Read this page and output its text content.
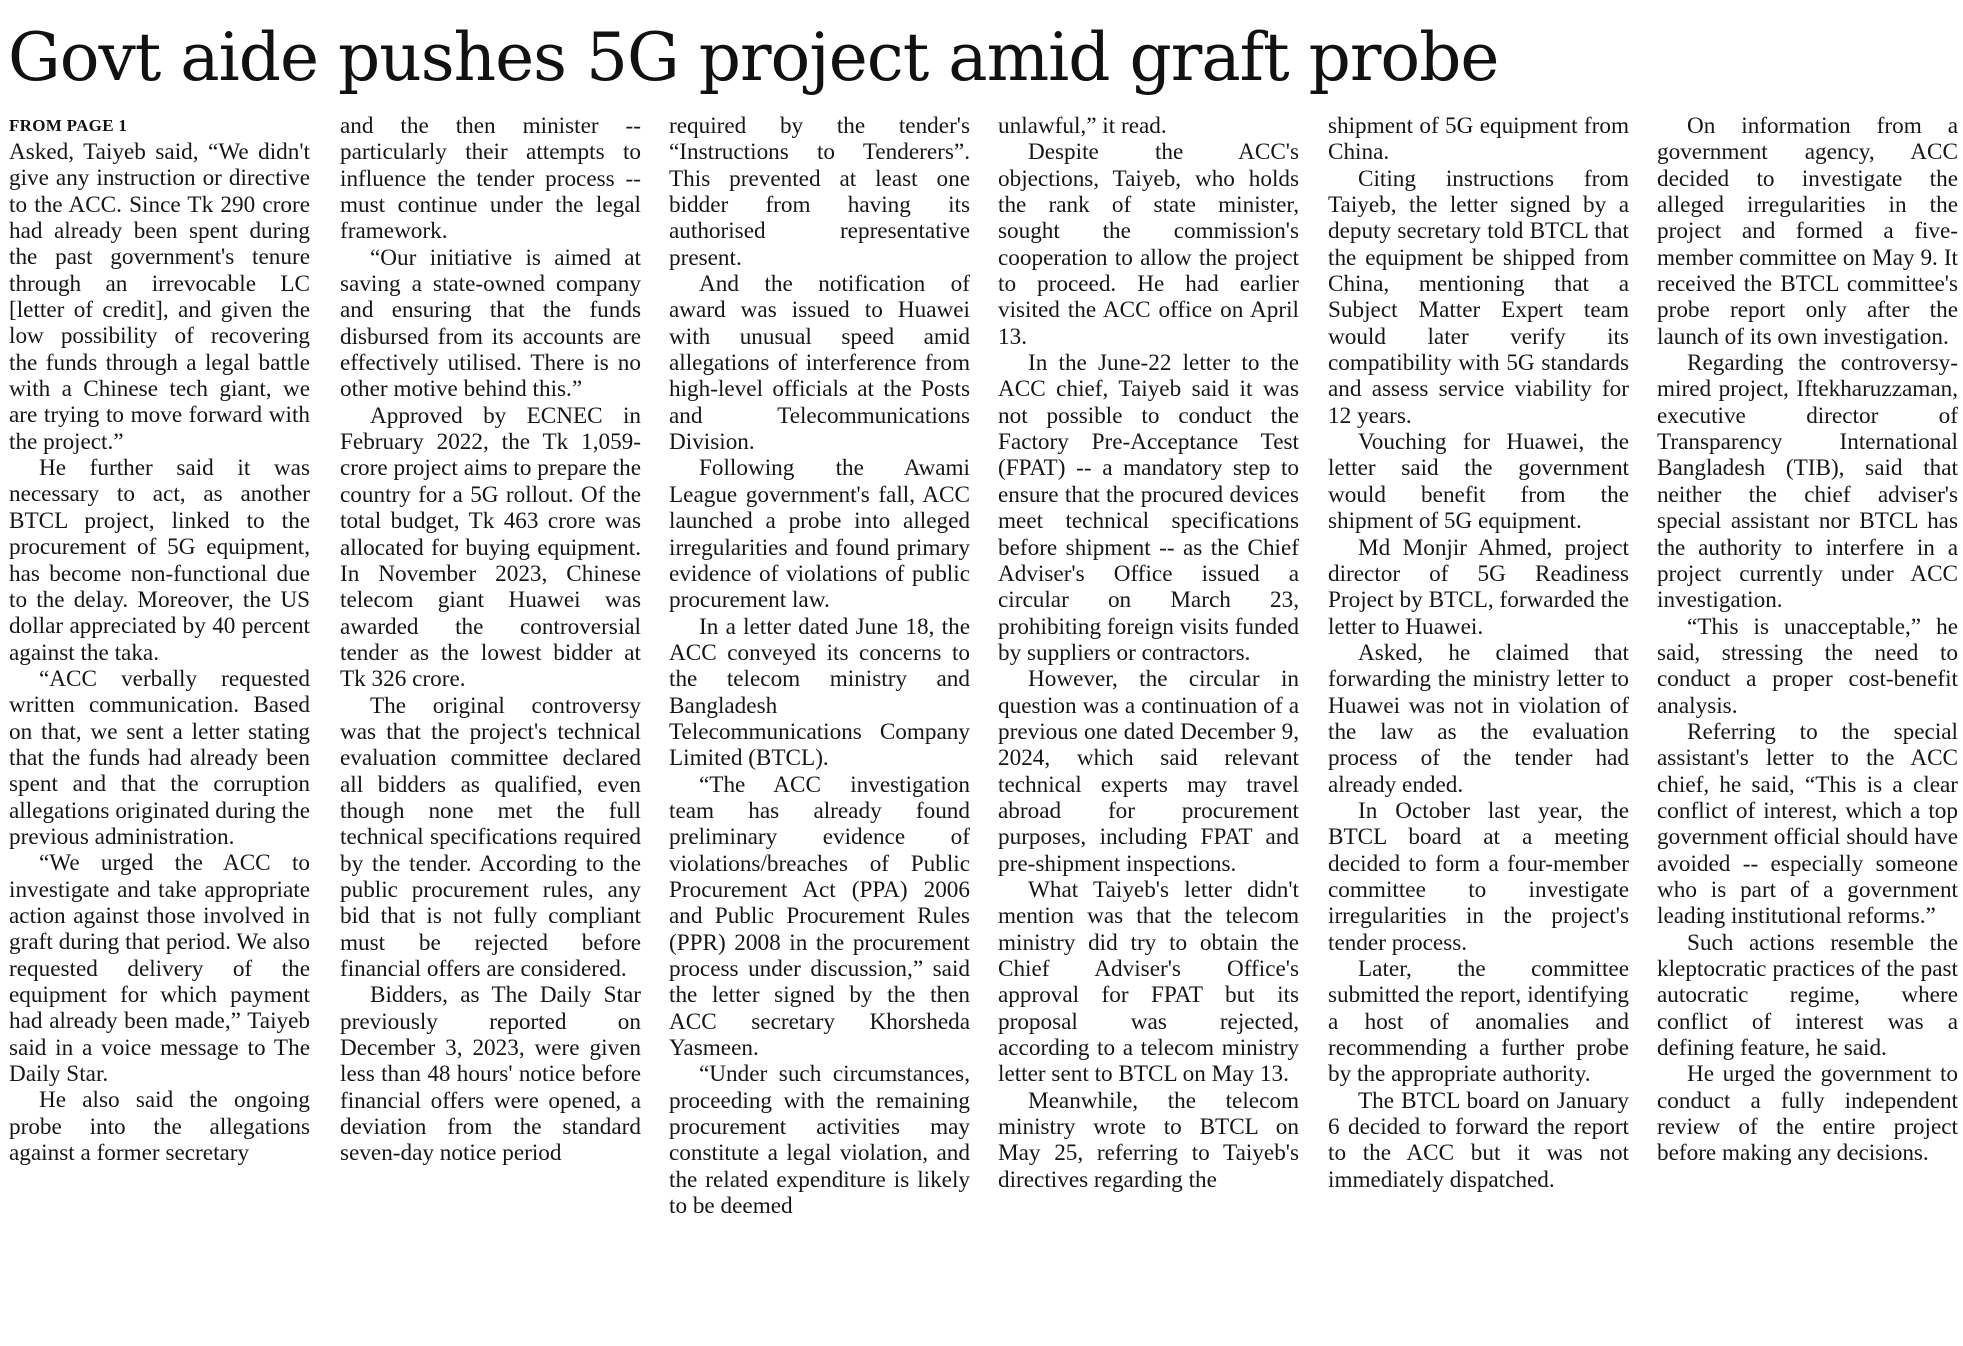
Govt aide pushes 5G project amid graft probe
FROM PAGE 1

Asked, Taiyeb said, “We didn't give any instruction or directive to the ACC. Since Tk 290 crore had already been spent during the past government's tenure through an irrevocable LC [letter of credit], and given the low possibility of recovering the funds through a legal battle with a Chinese tech giant, we are trying to move forward with the project.”

He further said it was necessary to act, as another BTCL project, linked to the procurement of 5G equipment, has become non-functional due to the delay. Moreover, the US dollar appreciated by 40 percent against the taka.

“ACC verbally requested written communication. Based on that, we sent a letter stating that the funds had already been spent and that the corruption allegations originated during the previous administration.

“We urged the ACC to investigate and take appropriate action against those involved in graft during that period. We also requested delivery of the equipment for which payment had already been made,” Taiyeb said in a voice message to The Daily Star.

He also said the ongoing probe into the allegations against a former secretary

and the then minister -- particularly their attempts to influence the tender process -- must continue under the legal framework.

“Our initiative is aimed at saving a state-owned company and ensuring that the funds disbursed from its accounts are effectively utilised. There is no other motive behind this.”

Approved by ECNEC in February 2022, the Tk 1,059-crore project aims to prepare the country for a 5G rollout. Of the total budget, Tk 463 crore was allocated for buying equipment. In November 2023, Chinese telecom giant Huawei was awarded the controversial tender as the lowest bidder at Tk 326 crore.

The original controversy was that the project's technical evaluation committee declared all bidders as qualified, even though none met the full technical specifications required by the tender. According to the public procurement rules, any bid that is not fully compliant must be rejected before financial offers are considered.

Bidders, as The Daily Star previously reported on December 3, 2023, were given less than 48 hours' notice before financial offers were opened, a deviation from the standard seven-day notice period

required by the tender's “Instructions to Tenderers”. This prevented at least one bidder from having its authorised representative present.

And the notification of award was issued to Huawei with unusual speed amid allegations of interference from high-level officials at the Posts and Telecommunications Division.

Following the Awami League government's fall, ACC launched a probe into alleged irregularities and found primary evidence of violations of public procurement law.

In a letter dated June 18, the ACC conveyed its concerns to the telecom ministry and Bangladesh Telecommunications Company Limited (BTCL).

“The ACC investigation team has already found preliminary evidence of violations/breaches of Public Procurement Act (PPA) 2006 and Public Procurement Rules (PPR) 2008 in the procurement process under discussion,” said the letter signed by the then ACC secretary Khorsheda Yasmeen.

“Under such circumstances, proceeding with the remaining procurement activities may constitute a legal violation, and the related expenditure is likely to be deemed

unlawful,” it read.

Despite the ACC's objections, Taiyeb, who holds the rank of state minister, sought the commission's cooperation to allow the project to proceed. He had earlier visited the ACC office on April 13.

In the June-22 letter to the ACC chief, Taiyeb said it was not possible to conduct the Factory Pre-Acceptance Test (FPAT) -- a mandatory step to ensure that the procured devices meet technical specifications before shipment -- as the Chief Adviser's Office issued a circular on March 23, prohibiting foreign visits funded by suppliers or contractors.

However, the circular in question was a continuation of a previous one dated December 9, 2024, which said relevant technical experts may travel abroad for procurement purposes, including FPAT and pre-shipment inspections.

What Taiyeb's letter didn't mention was that the telecom ministry did try to obtain the Chief Adviser's Office's approval for FPAT but its proposal was rejected, according to a telecom ministry letter sent to BTCL on May 13.

Meanwhile, the telecom ministry wrote to BTCL on May 25, referring to Taiyeb's directives regarding the

shipment of 5G equipment from China.

Citing instructions from Taiyeb, the letter signed by a deputy secretary told BTCL that the equipment be shipped from China, mentioning that a Subject Matter Expert team would later verify its compatibility with 5G standards and assess service viability for 12 years.

Vouching for Huawei, the letter said the government would benefit from the shipment of 5G equipment.

Md Monjir Ahmed, project director of 5G Readiness Project by BTCL, forwarded the letter to Huawei.

Asked, he claimed that forwarding the ministry letter to Huawei was not in violation of the law as the evaluation process of the tender had already ended.

In October last year, the BTCL board at a meeting decided to form a four-member committee to investigate irregularities in the project's tender process.

Later, the committee submitted the report, identifying a host of anomalies and recommending a further probe by the appropriate authority.

The BTCL board on January 6 decided to forward the report to the ACC but it was not immediately dispatched.

On information from a government agency, ACC decided to investigate the alleged irregularities in the project and formed a five-member committee on May 9. It received the BTCL committee's probe report only after the launch of its own investigation.

Regarding the controversy-mired project, Iftekharuzzaman, executive director of Transparency International Bangladesh (TIB), said that neither the chief adviser's special assistant nor BTCL has the authority to interfere in a project currently under ACC investigation.

“This is unacceptable,” he said, stressing the need to conduct a proper cost-benefit analysis.

Referring to the special assistant's letter to the ACC chief, he said, “This is a clear conflict of interest, which a top government official should have avoided -- especially someone who is part of a government leading institutional reforms.”

Such actions resemble the kleptocratic practices of the past autocratic regime, where conflict of interest was a defining feature, he said.

He urged the government to conduct a fully independent review of the entire project before making any decisions.
